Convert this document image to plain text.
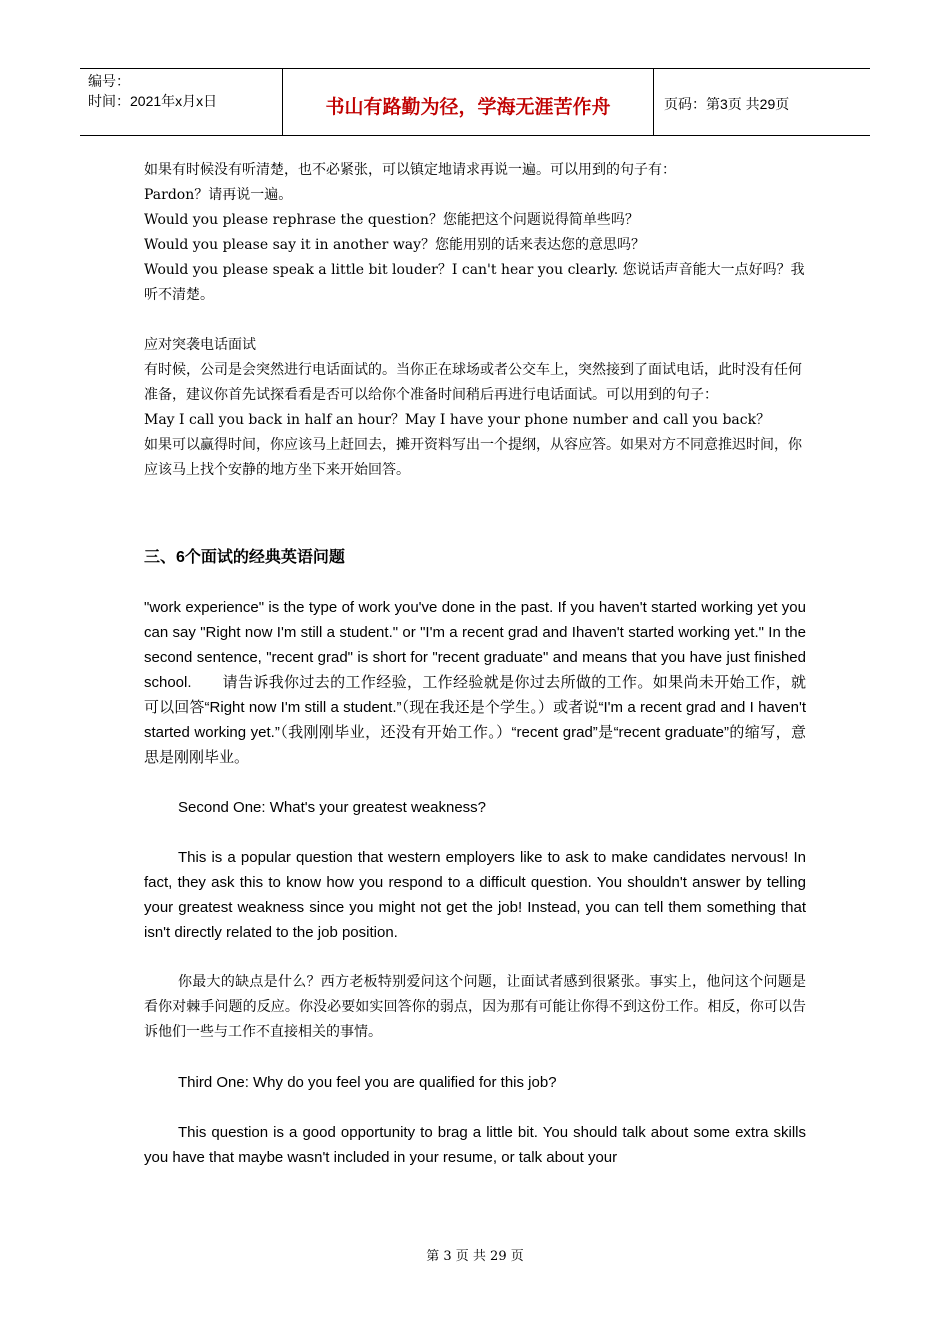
编号：
时间：2021年x月x日	书山有路勤为径，学海无涯苦作舟	页码：第3页 共29页

如果有时候没有听清楚，也不必紧张，可以镇定地请求再说一遍。可以用到的句子有：

Pardon？请再说一遍。

Would you please rephrase the question？您能把这个问题说得简单些吗？

Would you please say it in another way？您能用别的话来表达您的意思吗？

Would you please speak a little bit louder？I can't hear you clearly. 您说话声音能大一点好吗？我听不清楚。

应对突袭电话面试

有时候，公司是会突然进行电话面试的。当你正在球场或者公交车上，突然接到了面试电话，此时没有任何准备，建议你首先试探看看是否可以给你个准备时间稍后再进行电话面试。可以用到的句子：

May I call you back in half an hour？May I have your phone number and call you back？

如果可以赢得时间，你应该马上赶回去，摊开资料写出一个提纲，从容应答。如果对方不同意推迟时间，你应该马上找个安静的地方坐下来开始回答。

三、6个面试的经典英语问题

"work experience" is the type of work you've done in the past. If you haven't started working yet you can say "Right now I'm still a student." or "I'm a recent grad and Ihaven't started working yet." In the second sentence, "recent grad" is short for "recent graduate" and means that you have just finished school.　　请告诉我你过去的工作经验，工作经验就是你过去所做的工作。如果尚未开始工作，就可以回答“Right now I'm still a student.”（现在我还是个学生。）或者说“I'm a recent grad and I haven't started working yet.”（我刚刚毕业，还没有开始工作。）“recent grad”是“recent graduate”的缩写，意思是刚刚毕业。

Second One: What's your greatest weakness?

This is a popular question that western employers like to ask to make candidates nervous! In fact, they ask this to know how you respond to a difficult question. You shouldn't answer by telling your greatest weakness since you might not get the job! Instead, you can tell them something that isn't directly related to the job position.

你最大的缺点是什么？西方老板特别爱问这个问题，让面试者感到很紧张。事实上，他问这个问题是看你对棘手问题的反应。你没必要如实回答你的弱点，因为那有可能让你得不到这份工作。相反，你可以告诉他们一些与工作不直接相关的事情。

Third One: Why do you feel you are qualified for this job?

This question is a good opportunity to brag a little bit. You should talk about some extra skills you have that maybe wasn't included in your resume, or talk about your

第 3 页 共 29 页
